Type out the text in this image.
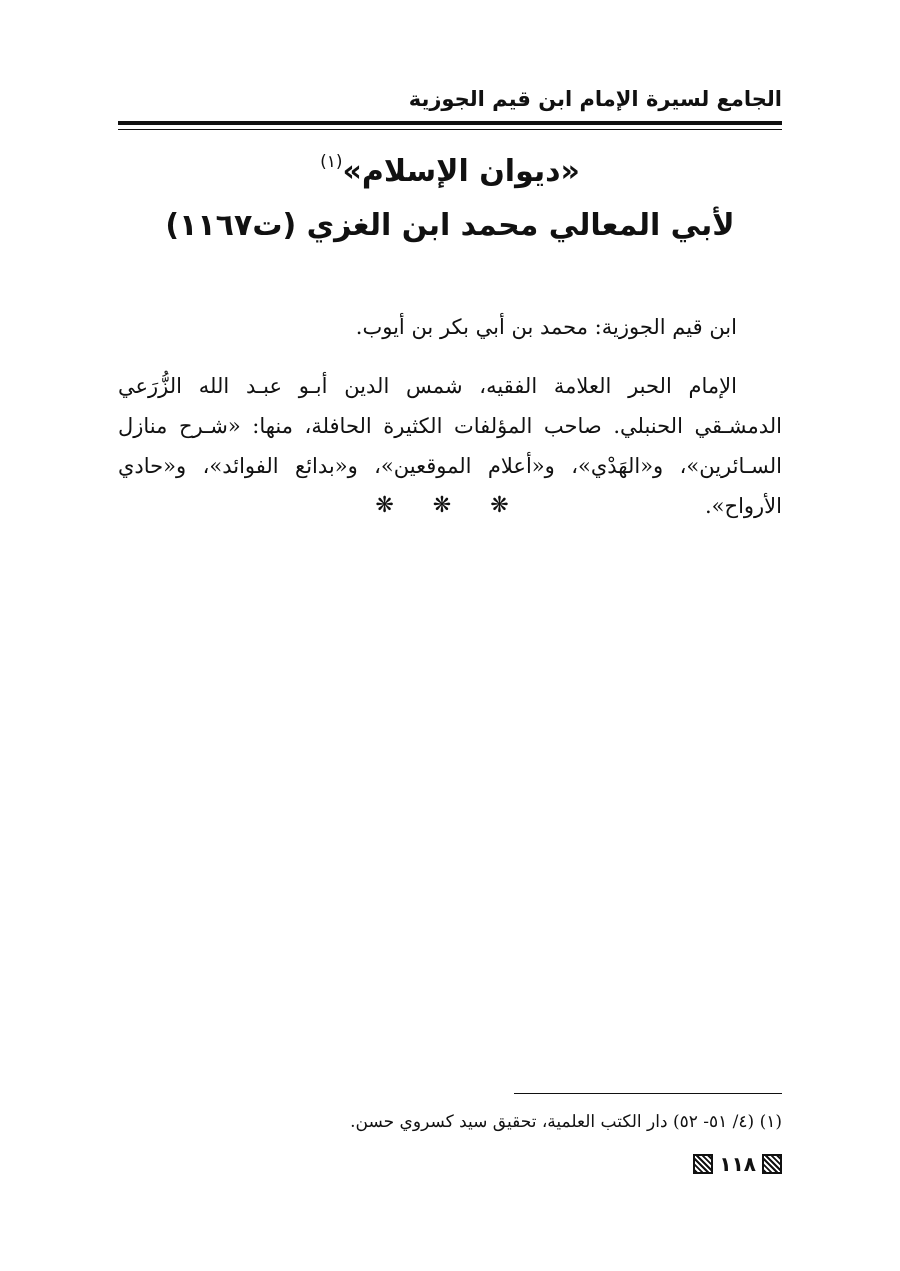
الجامع لسيرة الإمام ابن قيم الجوزية
«ديوان الإسلام»$^{(١)}$
لأبي المعالي محمد ابن الغزي (ت١١٦٧)

ابن قيم الجوزية: محمد بن أبي بكر بن أيوب.

الإمام الحبر العلامة الفقيه، شمس الدين أبـو عبـد الله الزُّرَعي الدمشـقي الحنبلي. صاحب المؤلفات الكثيرة الحافلة، منها: «شـرح منازل السـائرين»، و«الهَدْي»، و«أعلام الموقعين»، و«بدائع الفوائد»، و«حادي الأرواح».

❋ ❋ ❋
(١) (٤/ ٥١- ٥٢) دار الكتب العلمية، تحقيق سيد كسروي حسن.
١١٨
